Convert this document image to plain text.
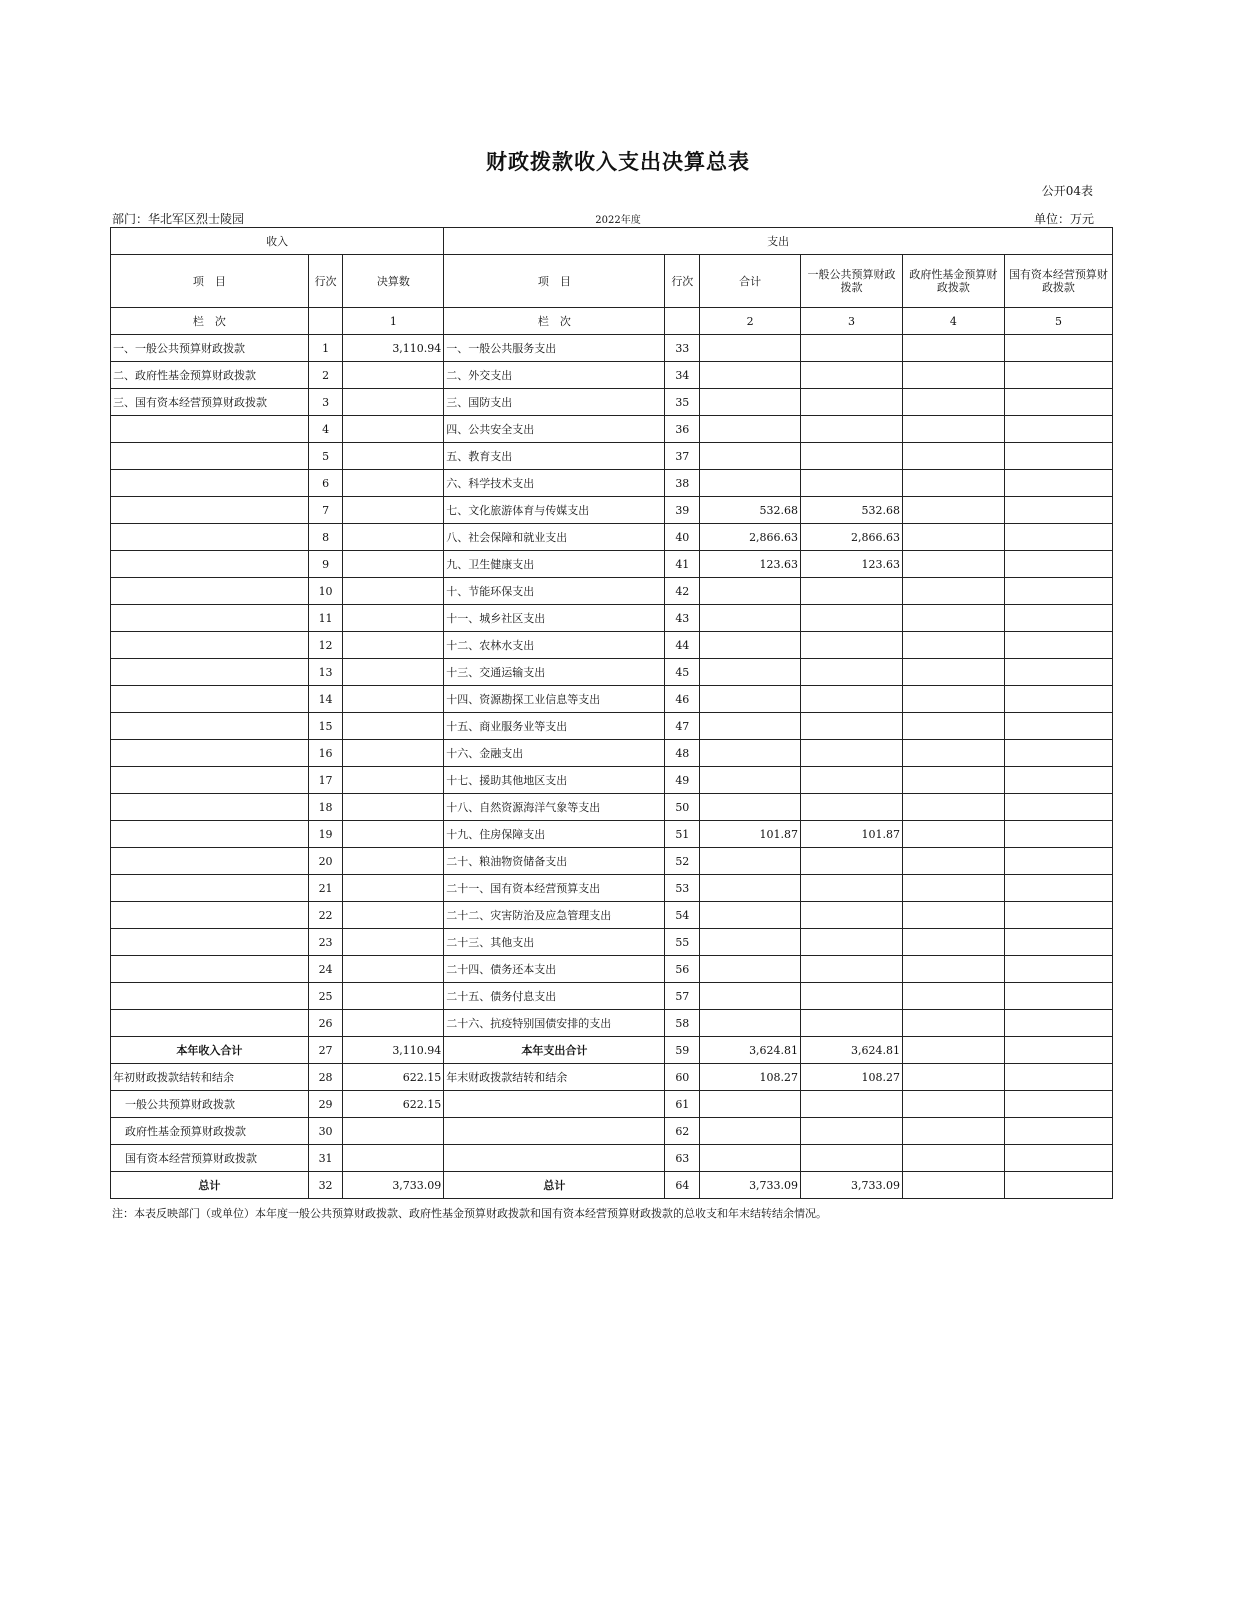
财政拨款收入支出决算总表
公开04表
部门：华北军区烈士陵园	2022年度	单位：万元
收入			支出					
项　目	行次	决算数	项　目	行次	合计	一般公共预算财政拨款	政府性基金预算财政拨款	国有资本经营预算财政拨款
栏　次		1	栏　次		2	3	4	5
一、一般公共预算财政拨款	1	3,110.94	一、一般公共服务支出	33				
二、政府性基金预算财政拨款	2		二、外交支出	34				
三、国有资本经营预算财政拨款	3		三、国防支出	35				
	4		四、公共安全支出	36				
	5		五、教育支出	37				
	6		六、科学技术支出	38				
	7		七、文化旅游体育与传媒支出	39	532.68	532.68		
	8		八、社会保障和就业支出	40	2,866.63	2,866.63		
	9		九、卫生健康支出	41	123.63	123.63		
	10		十、节能环保支出	42				
	11		十一、城乡社区支出	43				
	12		十二、农林水支出	44				
	13		十三、交通运输支出	45				
	14		十四、资源勘探工业信息等支出	46				
	15		十五、商业服务业等支出	47				
	16		十六、金融支出	48				
	17		十七、援助其他地区支出	49				
	18		十八、自然资源海洋气象等支出	50				
	19		十九、住房保障支出	51	101.87	101.87		
	20		二十、粮油物资储备支出	52				
	21		二十一、国有资本经营预算支出	53				
	22		二十二、灾害防治及应急管理支出	54				
	23		二十三、其他支出	55				
	24		二十四、债务还本支出	56				
	25		二十五、债务付息支出	57				
	26		二十六、抗疫特别国债安排的支出	58				
本年收入合计	27	3,110.94	本年支出合计	59	3,624.81	3,624.81		
年初财政拨款结转和结余	28	622.15	年末财政拨款结转和结余	60	108.27	108.27		
一般公共预算财政拨款	29	622.15		61				
政府性基金预算财政拨款	30			62				
国有资本经营预算财政拨款	31			63				
总计	32	3,733.09	总计	64	3,733.09	3,733.09		
注：本表反映部门（或单位）本年度一般公共预算财政拨款、政府性基金预算财政拨款和国有资本经营预算财政拨款的总收支和年末结转结余情况。
